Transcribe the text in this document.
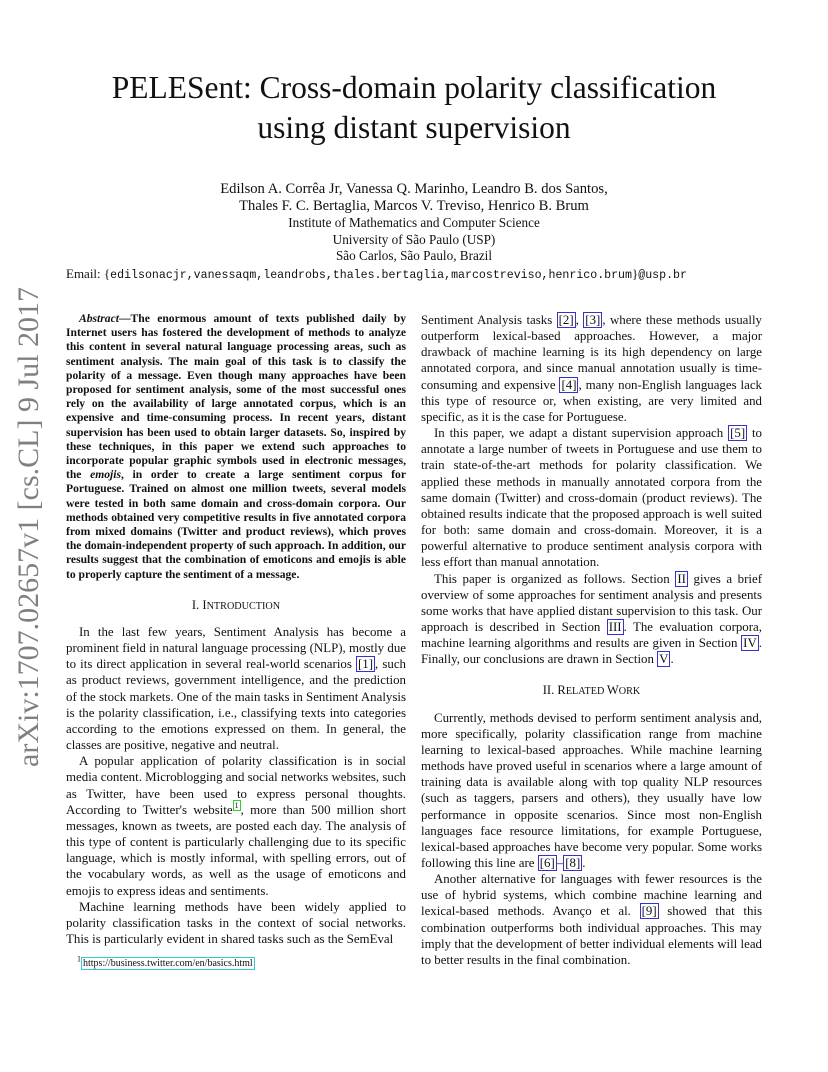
PELESent: Cross-domain polarity classification
using distant supervision
Edilson A. Corrêa Jr, Vanessa Q. Marinho, Leandro B. dos Santos,
Thales F. C. Bertaglia, Marcos V. Treviso, Henrico B. Brum
Institute of Mathematics and Computer Science
University of São Paulo (USP)
São Carlos, São Paulo, Brazil
Email: {edilsonacjr,vanessaqm,leandrobs,thales.bertaglia,marcostreviso,henrico.brum}@usp.br
arXiv:1707.02657v1 [cs.CL] 9 Jul 2017	Abstract—The enormous amount of texts published daily by Internet users has fostered the development of methods to analyze this content in several natural language processing areas, such as sentiment analysis. The main goal of this task is to classify the polarity of a message. Even though many approaches have been proposed for sentiment analysis, some of the most successful ones rely on the availability of large annotated corpus, which is an expensive and time-consuming process. In recent years, distant supervision has been used to obtain larger datasets. So, inspired by these techniques, in this paper we extend such approaches to incorporate popular graphic symbols used in electronic messages, the emojis, in order to create a large sentiment corpus for Portuguese. Trained on almost one million tweets, several models were tested in both same domain and cross-domain corpora. Our methods obtained very competitive results in five annotated corpora from mixed domains (Twitter and product reviews), which proves the domain-independent property of such approach. In addition, our results suggest that the combination of emoticons and emojis is able to properly capture the sentiment of a message.

I. INTRODUCTION

In the last few years, Sentiment Analysis has become a prominent field in natural language processing (NLP), mostly due to its direct application in several real-world scenarios [1] , such as product reviews, government intelligence, and the prediction of the stock markets. One of the main tasks in Sentiment Analysis is the polarity classification, i.e., classifying texts into categories according to the emotions expressed on them. In general, the classes are positive, negative and neutral.

A popular application of polarity classification is in social media content. Microblogging and social networks websites, such as Twitter, have been used to express personal thoughts. According to Twitter's website $^1$ , more than 500 million short messages, known as tweets, are posted each day. The analysis of this type of content is particularly challenging due to its specific language, which is mostly informal, with spelling errors, out of the vocabulary words, as well as the usage of emoticons and emojis to express ideas and sentiments.

Machine learning methods have been widely applied to polarity classification tasks in the context of social networks. This is particularly evident in shared tasks such as the SemEval

$^1$ https://business.twitter.com/en/basics.html

Sentiment Analysis tasks [2] , [3] , where these methods usually outperform lexical-based approaches. However, a major drawback of machine learning is its high dependency on large annotated corpora, and since manual annotation usually is time-consuming and expensive [4] , many non-English languages lack this type of resource or, when existing, are very limited and specific, as it is the case for Portuguese.

In this paper, we adapt a distant supervision approach [5] to annotate a large number of tweets in Portuguese and use them to train state-of-the-art methods for polarity classification. We applied these methods in manually annotated corpora from the same domain (Twitter) and cross-domain (product reviews). The obtained results indicate that the proposed approach is well suited for both: same domain and cross-domain. Moreover, it is a powerful alternative to produce sentiment analysis corpora with less effort than manual annotation.

This paper is organized as follows. Section II gives a brief overview of some approaches for sentiment analysis and presents some works that have applied distant supervision to this task. Our approach is described in Section III . The evaluation corpora, machine learning algorithms and results are given in Section IV . Finally, our conclusions are drawn in Section V .

II. RELATED WORK

Currently, methods devised to perform sentiment analysis and, more specifically, polarity classification range from machine learning to lexical-based approaches. While machine learning methods have proved useful in scenarios where a large amount of training data is available along with top quality NLP resources (such as taggers, parsers and others), they usually have low performance in opposite scenarios. Since most non-English languages face resource limitations, for example Portuguese, lexical-based approaches have become very popular. Some works following this line are [6] – [8] .

Another alternative for languages with fewer resources is the use of hybrid systems, which combine machine learning and lexical-based methods. Avanço et al. [9] showed that this combination outperforms both individual approaches. This may imply that the development of better individual elements will lead to better results in the final combination.
